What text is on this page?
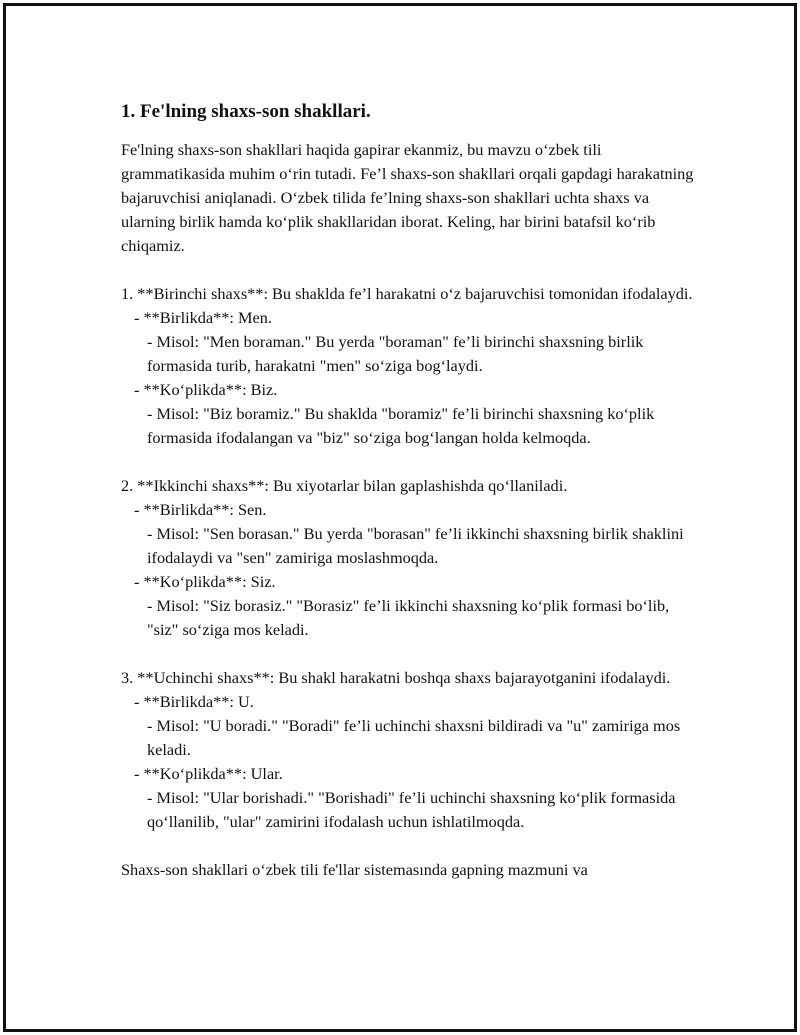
1. Fe'lning shaxs-son shakllari.

Fe'lning shaxs-son shakllari haqida gapirar ekanmiz, bu mavzu oʻzbek tili grammatikasida muhim oʻrin tutadi. Fe’l shaxs-son shakllari orqali gapdagi harakatning bajaruvchisi aniqlanadi. Oʻzbek tilida fe’lning shaxs-son shakllari uchta shaxs va ularning birlik hamda koʻplik shakllaridan iborat. Keling, har birini batafsil koʻrib chiqamiz.

1. **Birinchi shaxs**: Bu shaklda fe’l harakatni oʻz bajaruvchisi tomonidan ifodalaydi.
- **Birlikda**: Men.
- Misol: "Men boraman." Bu yerda "boraman" fe’li birinchi shaxsning birlik formasida turib, harakatni "men" soʻziga bogʻlaydi.
- **Koʻplikda**: Biz.
- Misol: "Biz boramiz." Bu shaklda "boramiz" fe’li birinchi shaxsning koʻplik formasida ifodalangan va "biz" soʻziga bogʻlangan holda kelmoqda.
2. **Ikkinchi shaxs**: Bu xiyotarlar bilan gaplashishda qoʻllaniladi.
- **Birlikda**: Sen.
- Misol: "Sen borasan." Bu yerda "borasan" fe’li ikkinchi shaxsning birlik shaklini ifodalaydi va "sen" zamiriga moslashmoqda.
- **Koʻplikda**: Siz.
- Misol: "Siz borasiz." "Borasiz" fe’li ikkinchi shaxsning koʻplik formasi boʻlib, "siz" soʻziga mos keladi.
3. **Uchinchi shaxs**: Bu shakl harakatni boshqa shaxs bajarayotganini ifodalaydi.
- **Birlikda**: U.
- Misol: "U boradi." "Boradi" fe’li uchinchi shaxsni bildiradi va "u" zamiriga mos keladi.
- **Koʻplikda**: Ular.
- Misol: "Ular borishadi." "Borishadi" fe’li uchinchi shaxsning koʻplik formasida qoʻllanilib, "ular" zamirini ifodalash uchun ishlatilmoqda.

Shaxs-son shakllari oʻzbek tili fe'llar sistemasında gapning mazmuni va
